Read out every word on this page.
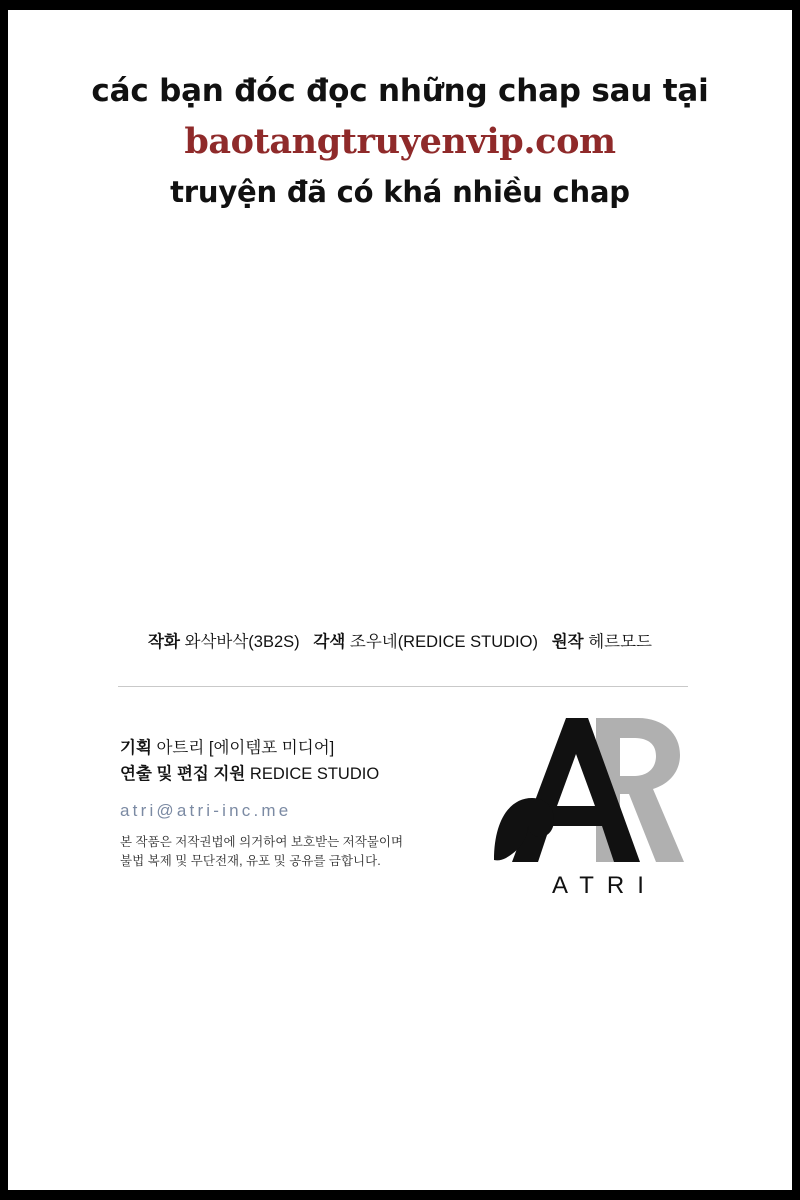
các bạn đóc đọc những chap sau tại
baotangtruyenvip.com
truyện đã có khá nhiều chap
작화 와삭바삭(3B2S) 각색 조우네(REDICE STUDIO) 원작 헤르모드
기획 아트리 [에이템포 미디어]
연출 및 편집 지원 REDICE STUDIO
atri@atri-inc.me
본 작품은 저작권법에 의거하여 보호받는 저작물이며
불법 복제 및 무단전재, 유포 및 공유를 금합니다.
ATRI
